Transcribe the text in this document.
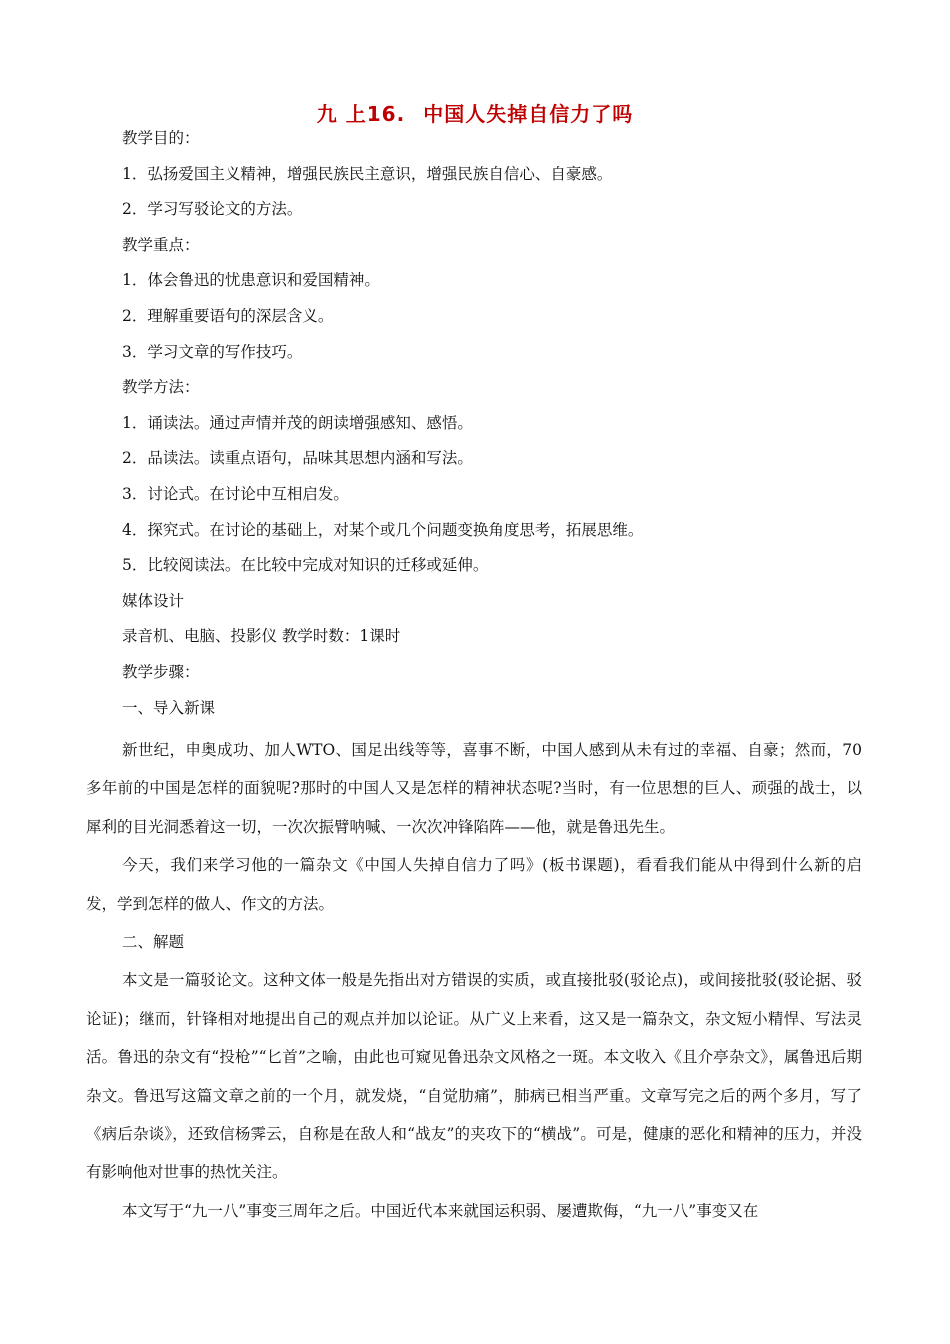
九 上16. 中国人失掉自信力了吗
教学目的：
1．弘扬爱国主义精神，增强民族民主意识，增强民族自信心、自豪感。
2．学习写驳论文的方法。
教学重点：
1．体会鲁迅的忧患意识和爱国精神。
2．理解重要语句的深层含义。
3．学习文章的写作技巧。
教学方法：
1．诵读法。通过声情并茂的朗读增强感知、感悟。
2．品读法。读重点语句，品味其思想内涵和写法。
3．讨论式。在讨论中互相启发。
4．探究式。在讨论的基础上，对某个或几个问题变换角度思考，拓展思维。
5．比较阅读法。在比较中完成对知识的迁移或延伸。
媒体设计
录音机、电脑、投影仪 教学时数：1课时
教学步骤：
一、导入新课
新世纪，申奥成功、加人WTO、国足出线等等，喜事不断，中国人感到从未有过的幸福、自豪；然而，70多年前的中国是怎样的面貌呢?那时的中国人又是怎样的精神状态呢?当时，有一位思想的巨人、顽强的战士，以犀利的目光洞悉着这一切，一次次振臂呐喊、一次次冲锋陷阵——他，就是鲁迅先生。
今天，我们来学习他的一篇杂文《中国人失掉自信力了吗》(板书课题)，看看我们能从中得到什么新的启发，学到怎样的做人、作文的方法。
二、解题
本文是一篇驳论文。这种文体一般是先指出对方错误的实质，或直接批驳(驳论点)，或间接批驳(驳论据、驳论证)；继而，针锋相对地提出自己的观点并加以论证。从广义上来看，这又是一篇杂文，杂文短小精悍、写法灵活。鲁迅的杂文有“投枪”“匕首”之喻，由此也可窥见鲁迅杂文风格之一斑。本文收入《且介亭杂文》，属鲁迅后期杂文。鲁迅写这篇文章之前的一个月，就发烧，“自觉肋痛”，肺病已相当严重。文章写完之后的两个多月，写了《病后杂谈》，还致信杨霁云，自称是在敌人和“战友”的夹攻下的“横战”。可是，健康的恶化和精神的压力，并没有影响他对世事的热忱关注。
本文写于“九一八”事变三周年之后。中国近代本来就国运积弱、屡遭欺侮，“九一八”事变又在
